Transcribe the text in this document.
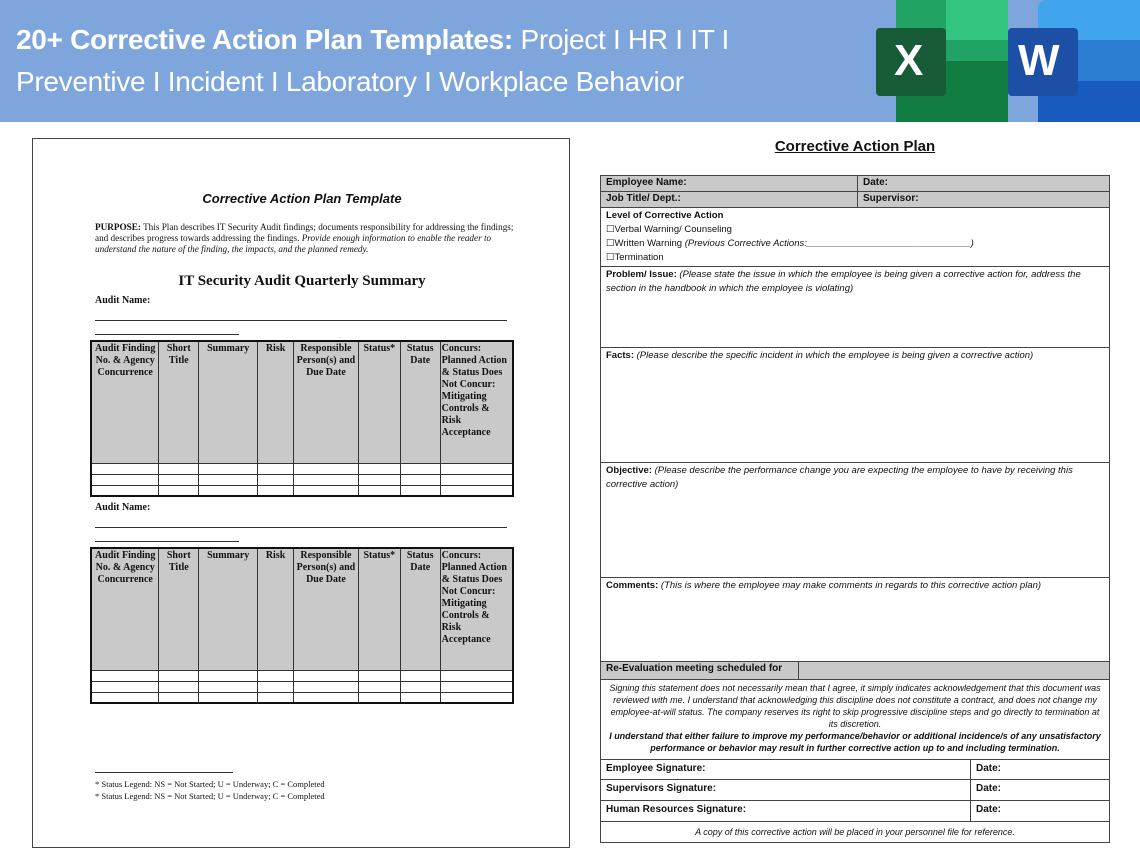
20+ Corrective Action Plan Templates: Project I HR I IT I
Preventive I Incident I Laboratory I Workplace Behavior	X W
Corrective Action Plan Template
PURPOSE: This Plan describes IT Security Audit findings; documents responsibility for addressing the findings; and describes progress towards addressing the findings. Provide enough information to enable the reader to understand the nature of the finding, the impacts, and the planned remedy.
IT Security Audit Quarterly Summary
Audit Name:
Audit Finding No. & Agency Concurrence	Short Title	Summary	Risk	Responsible Person(s) and Due Date	Status*	Status Date	Concurs: Planned Action & Status Does Not Concur: Mitigating Controls & Risk Acceptance

Audit Name:
Audit Finding No. & Agency Concurrence	Short Title	Summary	Risk	Responsible Person(s) and Due Date	Status*	Status Date	Concurs: Planned Action & Status Does Not Concur: Mitigating Controls & Risk Acceptance

* Status Legend: NS = Not Started; U = Underway; C = Completed
* Status Legend: NS = Not Started; U = Underway; C = Completed
Corrective Action Plan
Employee Name:	Date:
Job Title/ Dept.:	Supervisor:
Level of Corrective Action
☐Verbal Warning/ Counseling
☐Written Warning (Previous Corrective Actions:_______________________________)
☐Termination
Problem/ Issue: (Please state the issue in which the employee is being given a corrective action for, address the section in the handbook in which the employee is violating)
Facts: (Please describe the specific incident in which the employee is being given a corrective action)
Objective: (Please describe the performance change you are expecting the employee to have by receiving this corrective action)
Comments: (This is where the employee may make comments in regards to this corrective action plan)
Re-Evaluation meeting scheduled for
Signing this statement does not necessarily mean that I agree, it simply indicates acknowledgement that this document was reviewed with me. I understand that acknowledging this discipline does not constitute a contract, and does not change my employee-at-will status. The company reserves its right to skip progressive discipline steps and go directly to termination at its discretion.
I understand that either failure to improve my performance/behavior or additional incidence/s of any unsatisfactory performance or behavior may result in further corrective action up to and including termination.
Employee Signature:	Date:
Supervisors Signature:	Date:
Human Resources Signature:	Date:
A copy of this corrective action will be placed in your personnel file for reference.
